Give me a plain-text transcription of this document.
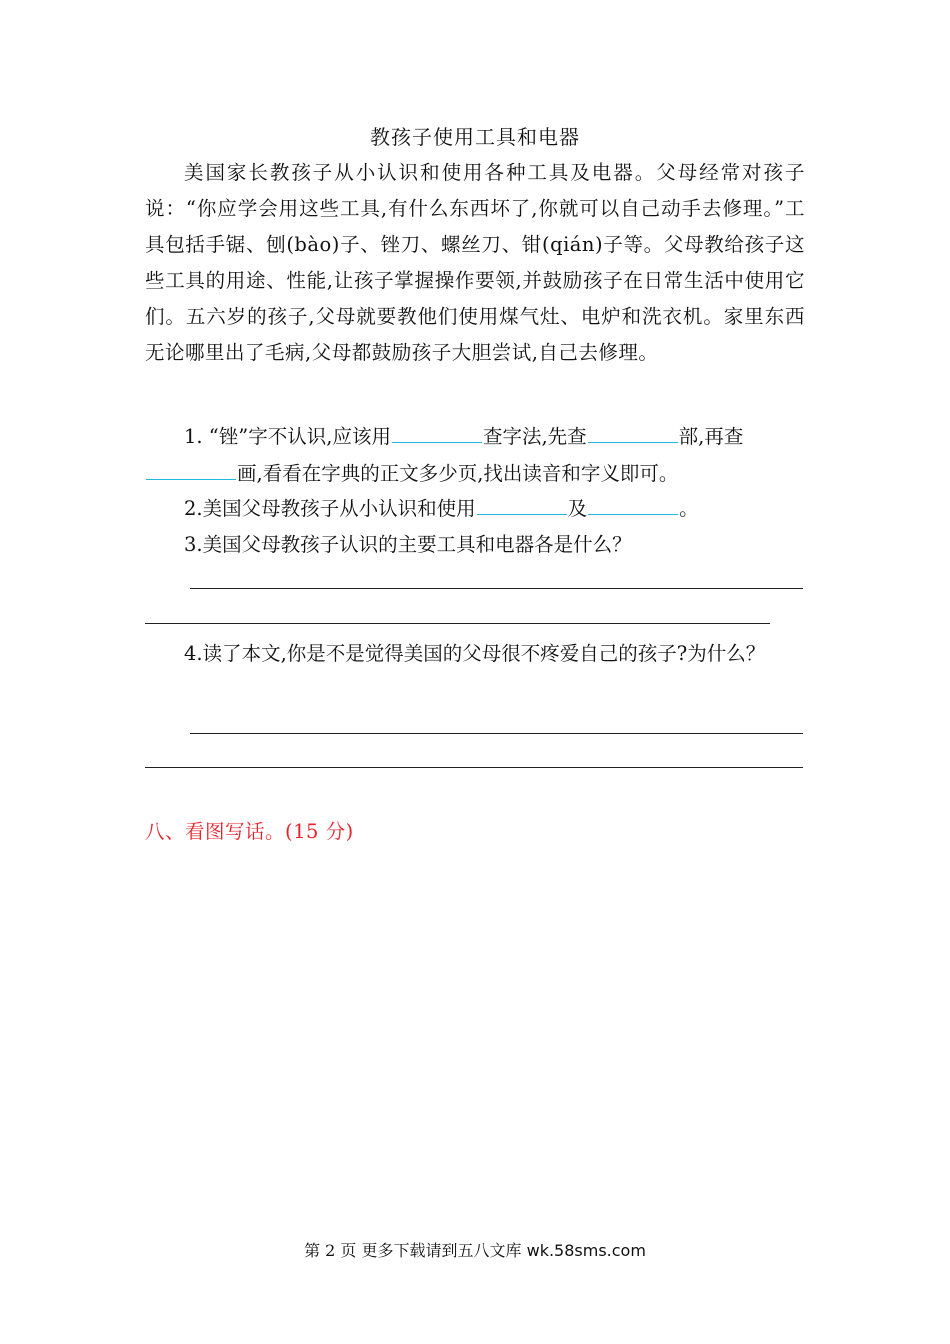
教孩子使用工具和电器

美国家长教孩子从小认识和使用各种工具及电器。父母经常对孩子说：“你应学会用这些工具,有什么东西坏了,你就可以自己动手去修理。”工具包括手锯、刨(bào)子、锉刀、螺丝刀、钳(qián)子等。父母教给孩子这些工具的用途、性能,让孩子掌握操作要领,并鼓励孩子在日常生活中使用它们。五六岁的孩子,父母就要教他们使用煤气灶、电炉和洗衣机。家里东西无论哪里出了毛病,父母都鼓励孩子大胆尝试,自己去修理。

1. “锉”字不认识,应该用	查字法,先查	部,再查画,看看在字典的正文多少页,找出读音和字义即可。

2.美国父母教孩子从小认识和使用	及	。

3.美国父母教孩子认识的主要工具和电器各是什么？

4.读了本文,你是不是觉得美国的父母很不疼爱自己的孩子?为什么？

八、看图写话。(15 分)
第 2 页 更多下载请到五八文库 wk.58sms.com
